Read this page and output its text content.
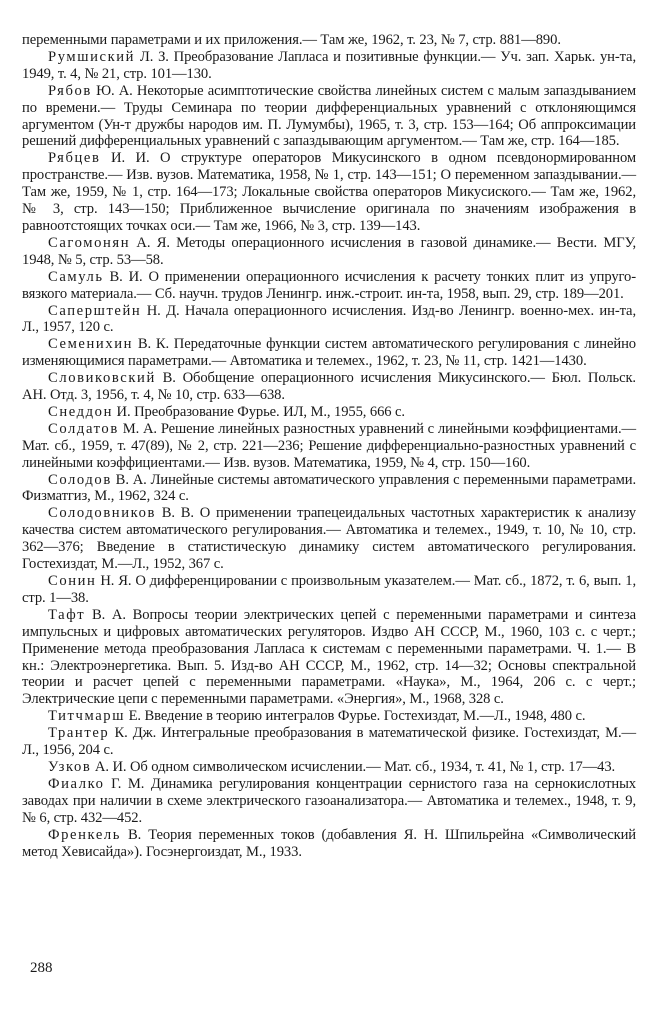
переменными параметрами и их приложения.— Там же, 1962, т. 23, № 7, стр. 881—890.

Румшиский Л. З. Преобразование Лапласа и позитивные функции.— Уч. зап. Харьк. ун-та, 1949, т. 4, № 21, стр. 101—130.

Рябов Ю. А. Некоторые асимптотические свойства линейных систем с малым запаздыванием по времени.— Труды Семинара по теории дифференциальных уравнений с отклоняющимся аргументом (Ун-т дружбы народов им. П. Лумумбы), 1965, т. 3, стр. 153—164; Об аппроксимации решений дифференциальных уравнений с запаздывающим аргументом.— Там же, стр. 164—185.

Рябцев И. И. О структуре операторов Микусинского в одном псевдонормированном пространстве.— Изв. вузов. Математика, 1958, № 1, стр. 143—151; О переменном запаздывании.— Там же, 1959, № 1, стр. 164—173; Локальные свойства операторов Микусиского.— Там же, 1962, № 3, стр. 143—150; Приближенное вычисление оригинала по значениям изображения в равноотстоящих точках оси.— Там же, 1966, № 3, стр. 139—143.

Сагомонян А. Я. Методы операционного исчисления в газовой динамике.— Вести. МГУ, 1948, № 5, стр. 53—58.

Самуль В. И. О применении операционного исчисления к расчету тонких плит из упруго-вязкого материала.— Сб. научн. трудов Ленингр. инж.-строит. ин-та, 1958, вып. 29, стр. 189—201.

Саперштейн Н. Д. Начала операционного исчисления. Изд-во Ленингр. военно-мех. ин-та, Л., 1957, 120 с.

Семенихин В. К. Передаточные функции систем автоматического регулирования с линейно изменяющимися параметрами.— Автоматика и телемех., 1962, т. 23, № 11, стр. 1421—1430.

Словиковский В. Обобщение операционного исчисления Микусинского.— Бюл. Польск. АН. Отд. 3, 1956, т. 4, № 10, стр. 633—638.

Снеддон И. Преобразование Фурье. ИЛ, М., 1955, 666 с.

Солдатов М. А. Решение линейных разностных уравнений с линейными коэффициентами.— Мат. сб., 1959, т. 47(89), № 2, стр. 221—236; Решение дифференциально-разностных уравнений с линейными коэффициентами.— Изв. вузов. Математика, 1959, № 4, стр. 150—160.

Солодов В. А. Линейные системы автоматического управления с переменными параметрами. Физматгиз, М., 1962, 324 с.

Солодовников В. В. О применении трапецеидальных частотных характеристик к анализу качества систем автоматического регулирования.— Автоматика и телемех., 1949, т. 10, № 10, стр. 362—376; Введение в статистическую динамику систем автоматического регулирования. Гостехиздат, М.—Л., 1952, 367 с.

Сонин Н. Я. О дифференцировании с произвольным указателем.— Мат. сб., 1872, т. 6, вып. 1, стр. 1—38.

Тафт В. А. Вопросы теории электрических цепей с переменными параметрами и синтеза импульсных и цифровых автоматических регуляторов. Издво АН СССР, М., 1960, 103 с. с черт.; Применение метода преобразования Лапласа к системам с переменными параметрами. Ч. 1.— В кн.: Электроэнергетика. Вып. 5. Изд-во АН СССР, М., 1962, стр. 14—32; Основы спектральной теории и расчет цепей с переменными параметрами. «Наука», М., 1964, 206 с. с черт.; Электрические цепи с переменными параметрами. «Энергия», М., 1968, 328 с.

Титчмарш Е. Введение в теорию интегралов Фурье. Гостехиздат, М.—Л., 1948, 480 с.

Трантер К. Дж. Интегральные преобразования в математической физике. Гостехиздат, М.—Л., 1956, 204 с.

Узков А. И. Об одном символическом исчислении.— Мат. сб., 1934, т. 41, № 1, стр. 17—43.

Фиалко Г. М. Динамика регулирования концентрации сернистого газа на сернокислотных заводах при наличии в схеме электрического газоанализатора.— Автоматика и телемех., 1948, т. 9, № 6, стр. 432—452.

Френкель В. Теория переменных токов (добавления Я. Н. Шпильрейна «Символический метод Хевисайда»). Госэнергоиздат, М., 1933.

288
